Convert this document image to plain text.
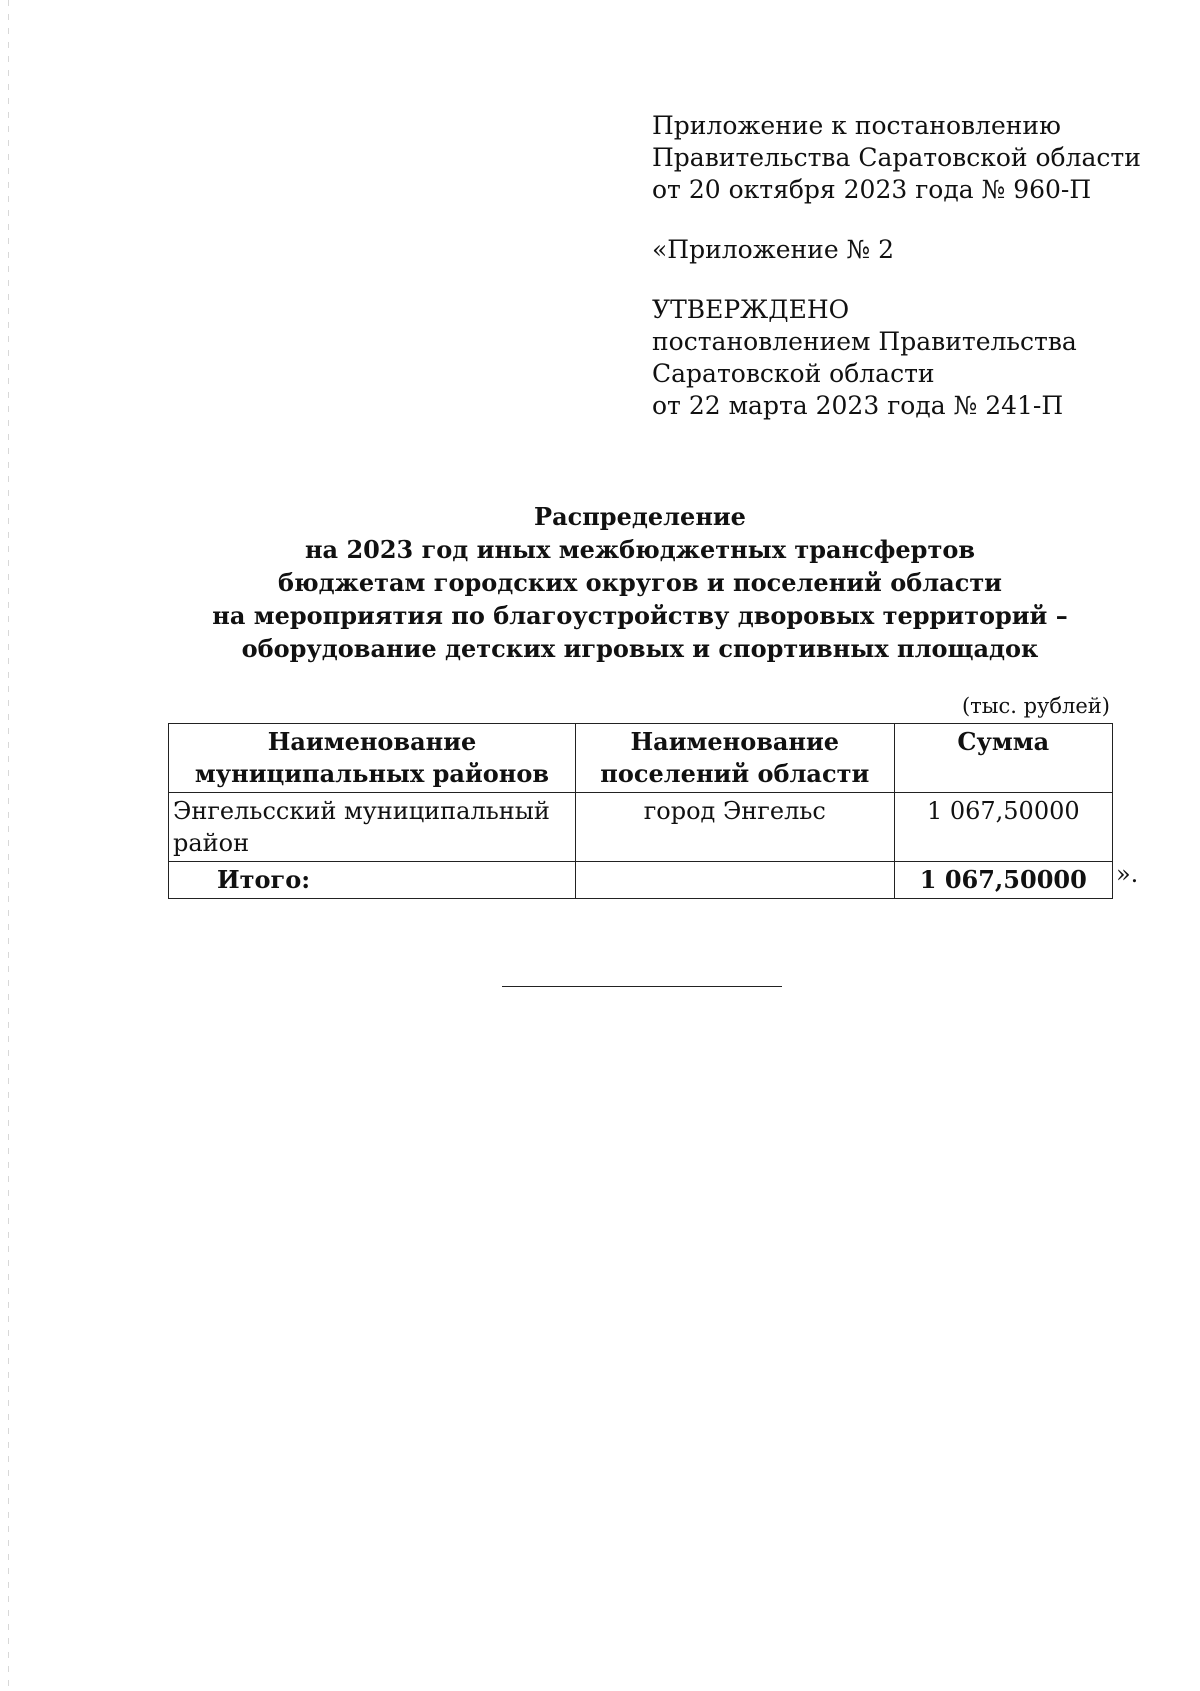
Приложение к постановлению
Правительства Саратовской области
от 20 октября 2023 года № 960-П
«Приложение № 2
УТВЕРЖДЕНО
постановлением Правительства
Саратовской области
от 22 марта 2023 года № 241-П
Распределение
на 2023 год иных межбюджетных трансфертов
бюджетам городских округов и поселений области
на мероприятия по благоустройству дворовых территорий –
оборудование детских игровых и спортивных площадок
(тыс. рублей)
Наименование муниципальных районов	Наименование поселений области	Сумма
Энгельсский муниципальный район	город Энгельс	1 067,50000
Итого:		1 067,50000 ».
